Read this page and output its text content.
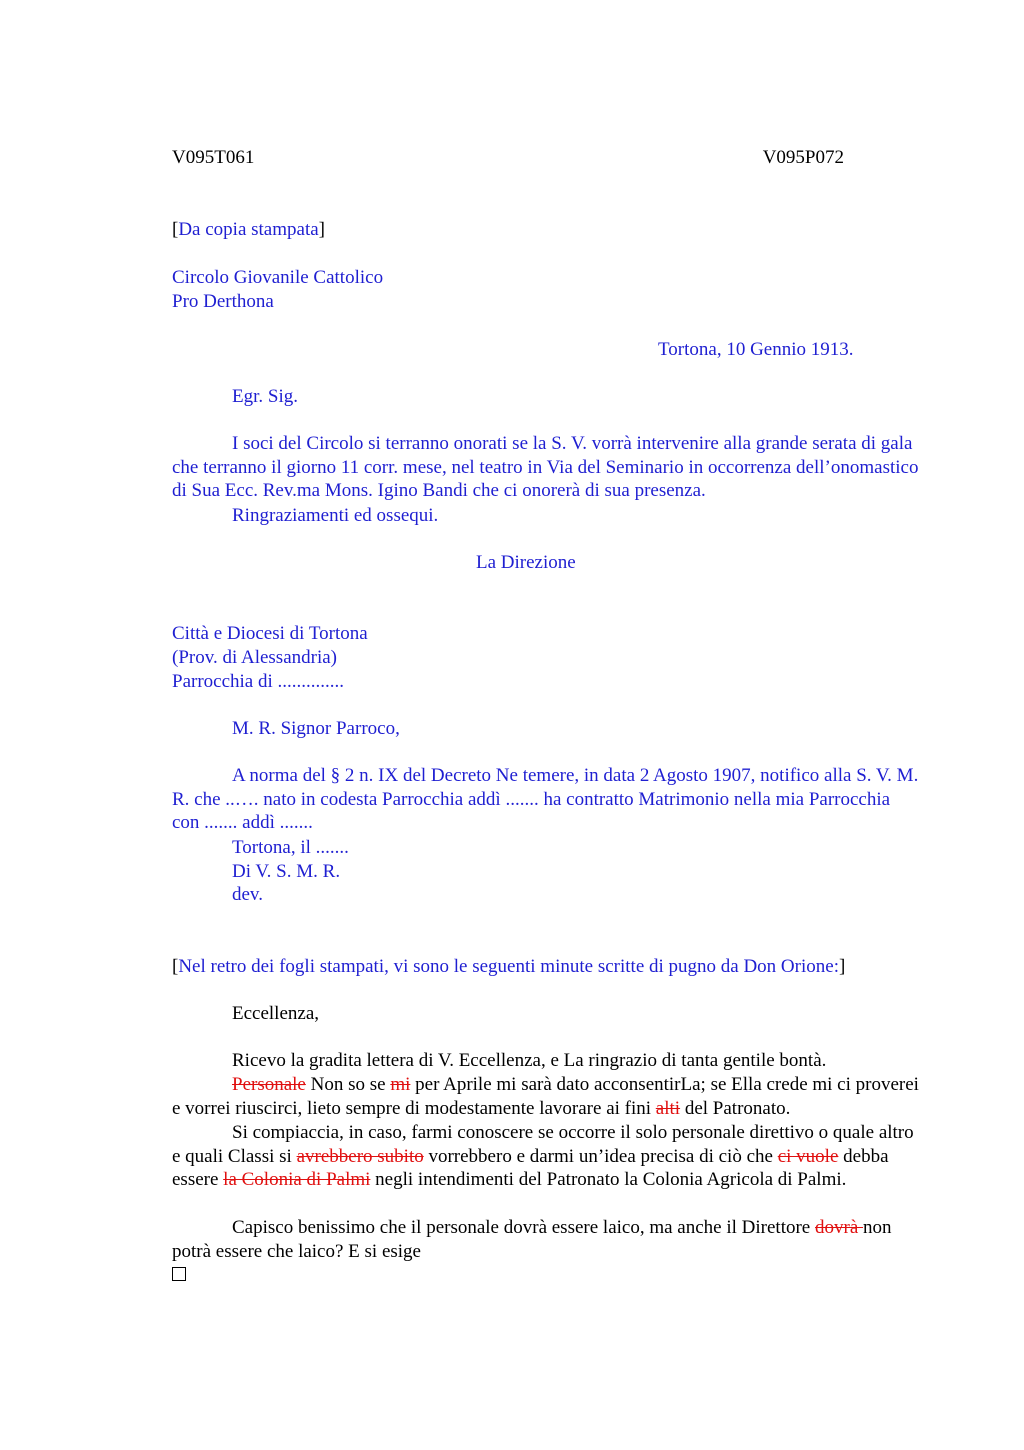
V095T061	V095P072
[Da copia stampata]
Circolo Giovanile Cattolico
Pro Derthona
Tortona, 10 Gennio 1913.
Egr. Sig.
I soci del Circolo si terranno onorati se la S. V. vorrà intervenire alla grande serata di gala che terranno il giorno 11 corr. mese, nel teatro in Via del Seminario in occorrenza dell’onomastico di Sua Ecc. Rev.ma Mons. Igino Bandi che ci onorerà di sua presenza.
Ringraziamenti ed ossequi.
La Direzione
Città e Diocesi di Tortona
(Prov. di Alessandria)
Parrocchia di ..............
M. R. Signor Parroco,
A norma del § 2 n. IX del Decreto Ne temere, in data 2 Agosto 1907, notifico alla S. V. M. R. che ..…. nato in codesta Parrocchia addì ....... ha contratto Matrimonio nella mia Parrocchia con ....... addì .......
Tortona, il .......
Di V. S. M. R.
dev.
[Nel retro dei fogli stampati, vi sono le seguenti minute scritte di pugno da Don Orione:]
Eccellenza,
Ricevo la gradita lettera di V. Eccellenza, e La ringrazio di tanta gentile bontà.
Personale Non so se mi per Aprile mi sarà dato acconsentirLa; se Ella crede mi ci proverei e vorrei riuscirci, lieto sempre di modestamente lavorare ai fini alti del Patronato.
Si compiaccia, in caso, farmi conoscere se occorre il solo personale direttivo o quale altro e quali Classi si avrebbero subito vorrebbero e darmi un’idea precisa di ciò che ci vuole debba essere la Colonia di Palmi negli intendimenti del Patronato la Colonia Agricola di Palmi.
Capisco benissimo che il personale dovrà essere laico, ma anche il Direttore dovrà non potrà essere che laico? E si esige
